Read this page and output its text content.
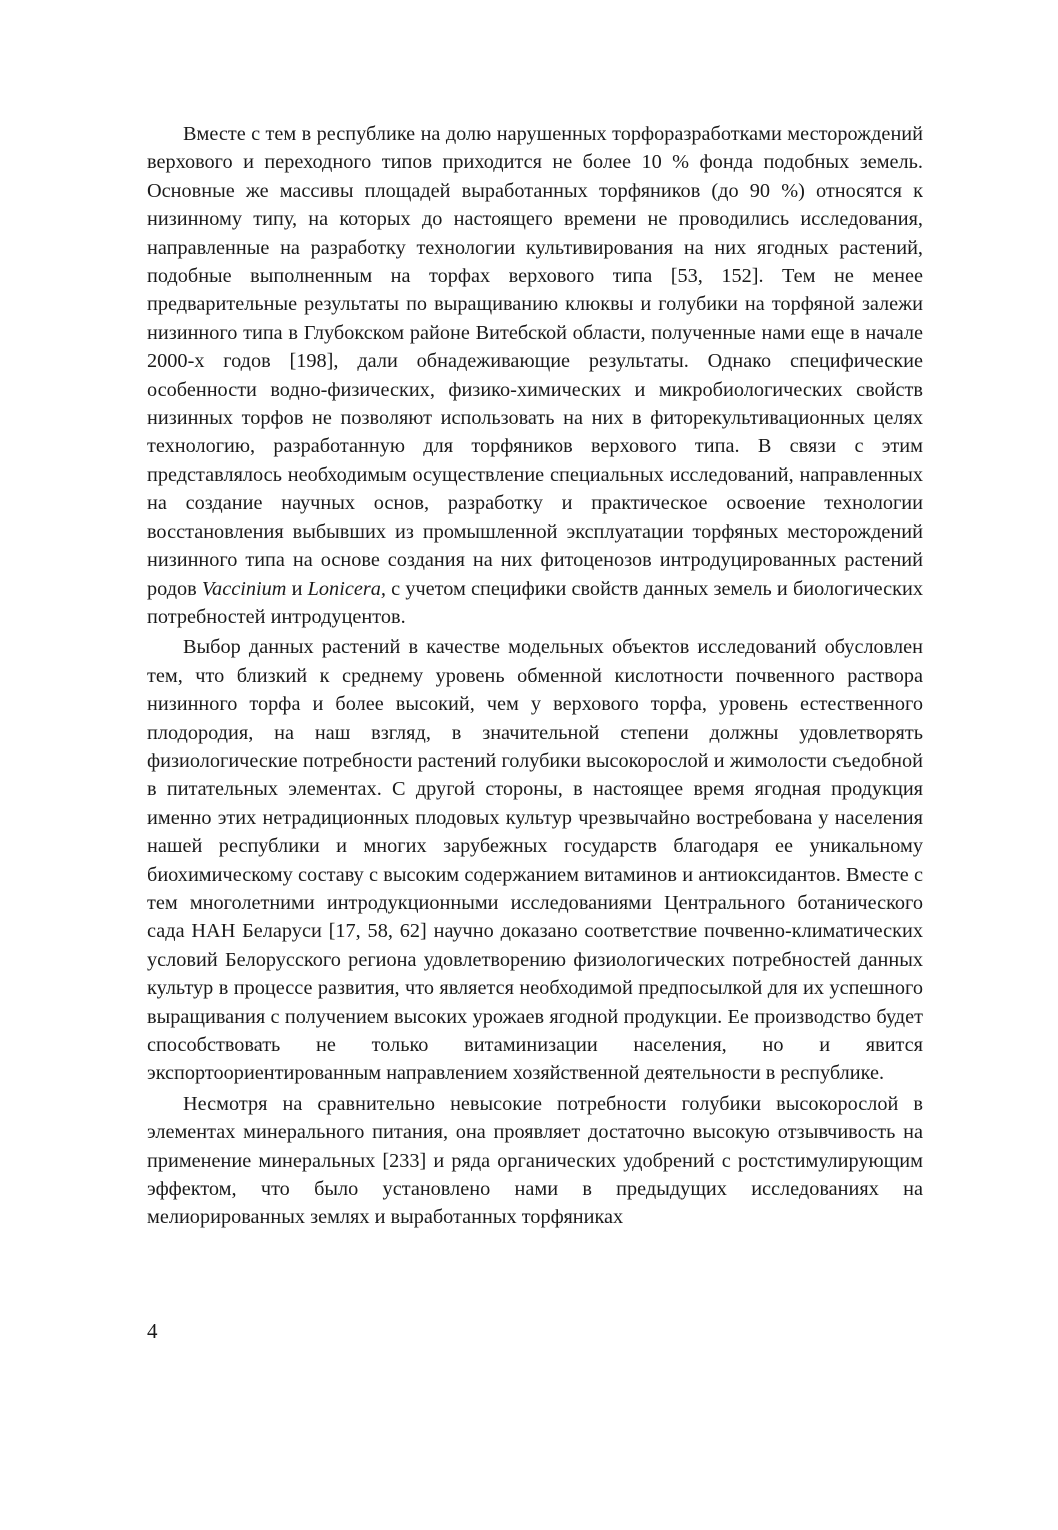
Вместе с тем в республике на долю нарушенных торфоразработками месторождений верхового и переходного типов приходится не более 10 % фонда подобных земель. Основные же массивы площадей выработанных торфяников (до 90 %) относятся к низинному типу, на которых до настоящего времени не проводились исследования, направленные на разработку технологии культивирования на них ягодных растений, подобные выполненным на торфах верхового типа [53, 152]. Тем не менее предварительные результаты по выращиванию клюквы и голубики на торфяной залежи низинного типа в Глубокском районе Витебской области, полученные нами еще в начале 2000-х годов [198], дали обнадеживающие результаты. Однако специфические особенности водно-физических, физико-химических и микробиологических свойств низинных торфов не позволяют использовать на них в фиторекультивационных целях технологию, разработанную для торфяников верхового типа. В связи с этим представлялось необходимым осуществление специальных исследований, направленных на создание научных основ, разработку и практическое освоение технологии восстановления выбывших из промышленной эксплуатации торфяных месторождений низинного типа на основе создания на них фитоценозов интродуцированных растений родов Vaccinium и Lonicera, с учетом специфики свойств данных земель и биологических потребностей интродуцентов.

Выбор данных растений в качестве модельных объектов исследований обусловлен тем, что близкий к среднему уровень обменной кислотности почвенного раствора низинного торфа и более высокий, чем у верхового торфа, уровень естественного плодородия, на наш взгляд, в значительной степени должны удовлетворять физиологические потребности растений голубики высокорослой и жимолости съедобной в питательных элементах. С другой стороны, в настоящее время ягодная продукция именно этих нетрадиционных плодовых культур чрезвычайно востребована у населения нашей республики и многих зарубежных государств благодаря ее уникальному биохимическому составу с высоким содержанием витаминов и антиоксидантов. Вместе с тем многолетними интродукционными исследованиями Центрального ботанического сада НАН Беларуси [17, 58, 62] научно доказано соответствие почвенно-климатических условий Белорусского региона удовлетворению физиологических потребностей данных культур в процессе развития, что является необходимой предпосылкой для их успешного выращивания с получением высоких урожаев ягодной продукции. Ее производство будет способствовать не только витаминизации населения, но и явится экспортоориентированным направлением хозяйственной деятельности в республике.

Несмотря на сравнительно невысокие потребности голубики высокорослой в элементах минерального питания, она проявляет достаточно высокую отзывчивость на применение минеральных [233] и ряда органических удобрений с ростстимулирующим эффектом, что было установлено нами в предыдущих исследованиях на мелиорированных землях и выработанных торфяниках

4
